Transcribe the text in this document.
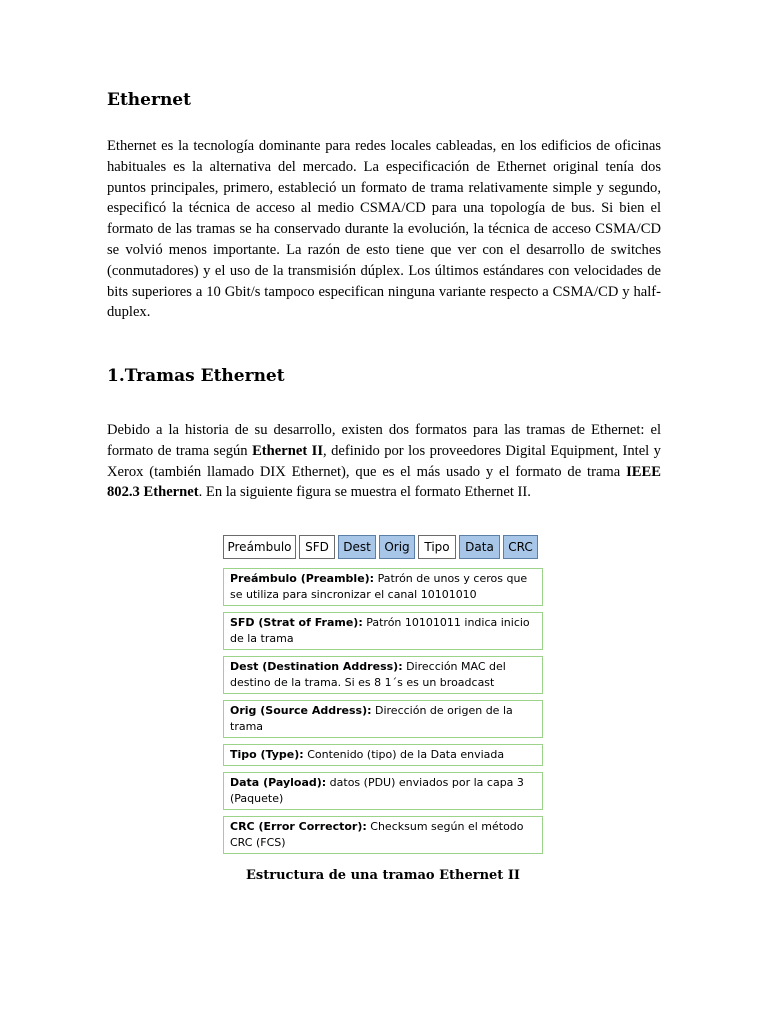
Ethernet

Ethernet es la tecnología dominante para redes locales cableadas, en los edificios de oficinas habituales es la alternativa del mercado. La especificación de Ethernet original tenía dos puntos principales, primero, estableció un formato de trama relativamente simple y segundo, especificó la técnica de acceso al medio CSMA/CD para una topología de bus. Si bien el formato de las tramas se ha conservado durante la evolución, la técnica de acceso CSMA/CD se volvió menos importante. La razón de esto tiene que ver con el desarrollo de switches (conmutadores) y el uso de la transmisión dúplex. Los últimos estándares con velocidades de bits superiores a 10 Gbit/s tampoco especifican ninguna variante respecto a CSMA/CD y half-duplex.

1.Tramas Ethernet

Debido a la historia de su desarrollo, existen dos formatos para las tramas de Ethernet: el formato de trama según Ethernet II, definido por los proveedores Digital Equipment, Intel y Xerox (también llamado DIX Ethernet), que es el más usado y el formato de trama IEEE 802.3 Ethernet. En la siguiente figura se muestra el formato Ethernet II.

Preámbulo	SFD	Dest	Orig	Tipo	Data	CRC
Preámbulo (Preamble): Patrón de unos y ceros que se utiliza para sincronizar el canal 10101010
SFD (Strat of Frame): Patrón 10101011 indica inicio de la trama
Dest (Destination Address): Dirección MAC del destino de la trama. Si es 8 1´s es un broadcast
Orig (Source Address): Dirección de origen de la trama
Tipo (Type): Contenido (tipo) de la Data enviada
Data (Payload): datos (PDU) enviados por la capa 3 (Paquete)
CRC (Error Corrector): Checksum según el método CRC (FCS)

Estructura de una tramao Ethernet II
